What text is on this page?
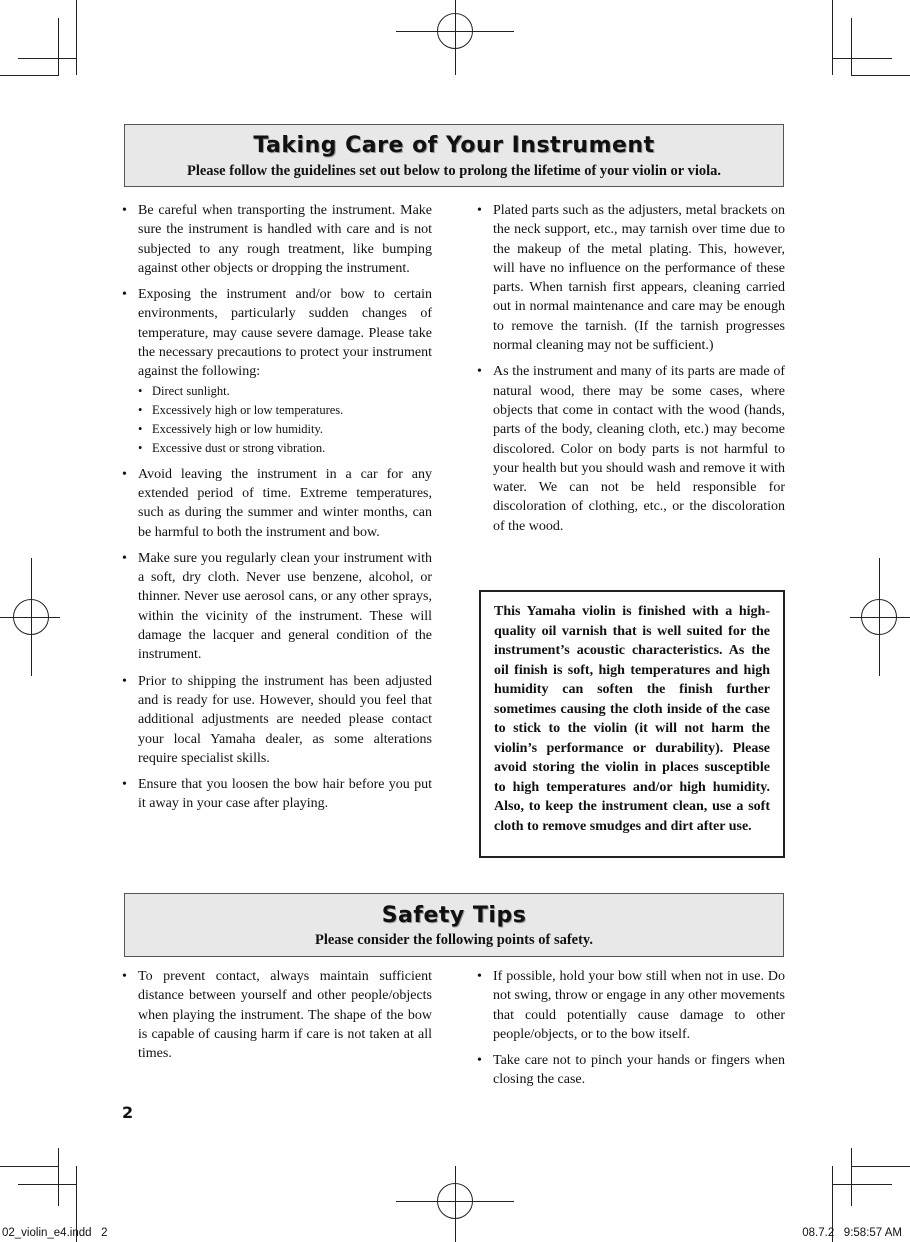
Taking Care of Your Instrument
Please follow the guidelines set out below to prolong the lifetime of your violin or viola.
• Be careful when transporting the instrument. Make sure the instrument is handled with care and is not subjected to any rough treatment, like bumping against other objects or dropping the instrument.
• Exposing the instrument and/or bow to certain environments, particularly sudden changes of temperature, may cause severe damage. Please take the necessary precautions to protect your instrument against the following:
• Direct sunlight.
• Excessively high or low temperatures.
• Excessively high or low humidity.
• Excessive dust or strong vibration.
• Avoid leaving the instrument in a car for any extended period of time. Extreme temperatures, such as during the summer and winter months, can be harmful to both the instrument and bow.
• Make sure you regularly clean your instrument with a soft, dry cloth. Never use benzene, alcohol, or thinner. Never use aerosol cans, or any other sprays, within the vicinity of the instrument. These will damage the lacquer and general condition of the instrument.
• Prior to shipping the instrument has been adjusted and is ready for use. However, should you feel that additional adjustments are needed please contact your local Yamaha dealer, as some alterations require specialist skills.
• Ensure that you loosen the bow hair before you put it away in your case after playing.
• Plated parts such as the adjusters, metal brackets on the neck support, etc., may tarnish over time due to the makeup of the metal plating. This, however, will have no influence on the performance of these parts. When tarnish first appears, cleaning carried out in normal maintenance and care may be enough to remove the tarnish. (If the tarnish progresses normal cleaning may not be sufficient.)
• As the instrument and many of its parts are made of natural wood, there may be some cases, where objects that come in contact with the wood (hands, parts of the body, cleaning cloth, etc.) may become discolored. Color on body parts is not harmful to your health but you should wash and remove it with water. We can not be held responsible for discoloration of clothing, etc., or the discoloration of the wood.
This Yamaha violin is finished with a high-quality oil varnish that is well suited for the instrument’s acoustic characteristics. As the oil finish is soft, high temperatures and high humidity can soften the finish further sometimes causing the cloth inside of the case to stick to the violin (it will not harm the violin’s performance or durability). Please avoid storing the violin in places susceptible to high temperatures and/or high humidity. Also, to keep the instrument clean, use a soft cloth to remove smudges and dirt after use.
Safety Tips
Please consider the following points of safety.
• To prevent contact, always maintain sufficient distance between yourself and other people/objects when playing the instrument. The shape of the bow is capable of causing harm if care is not taken at all times.
• If possible, hold your bow still when not in use. Do not swing, throw or engage in any other movements that could potentially cause damage to other people/objects, or to the bow itself.
• Take care not to pinch your hands or fingers when closing the case.
2
02_violin_e4.indd   2	08.7.2   9:58:57 AM
